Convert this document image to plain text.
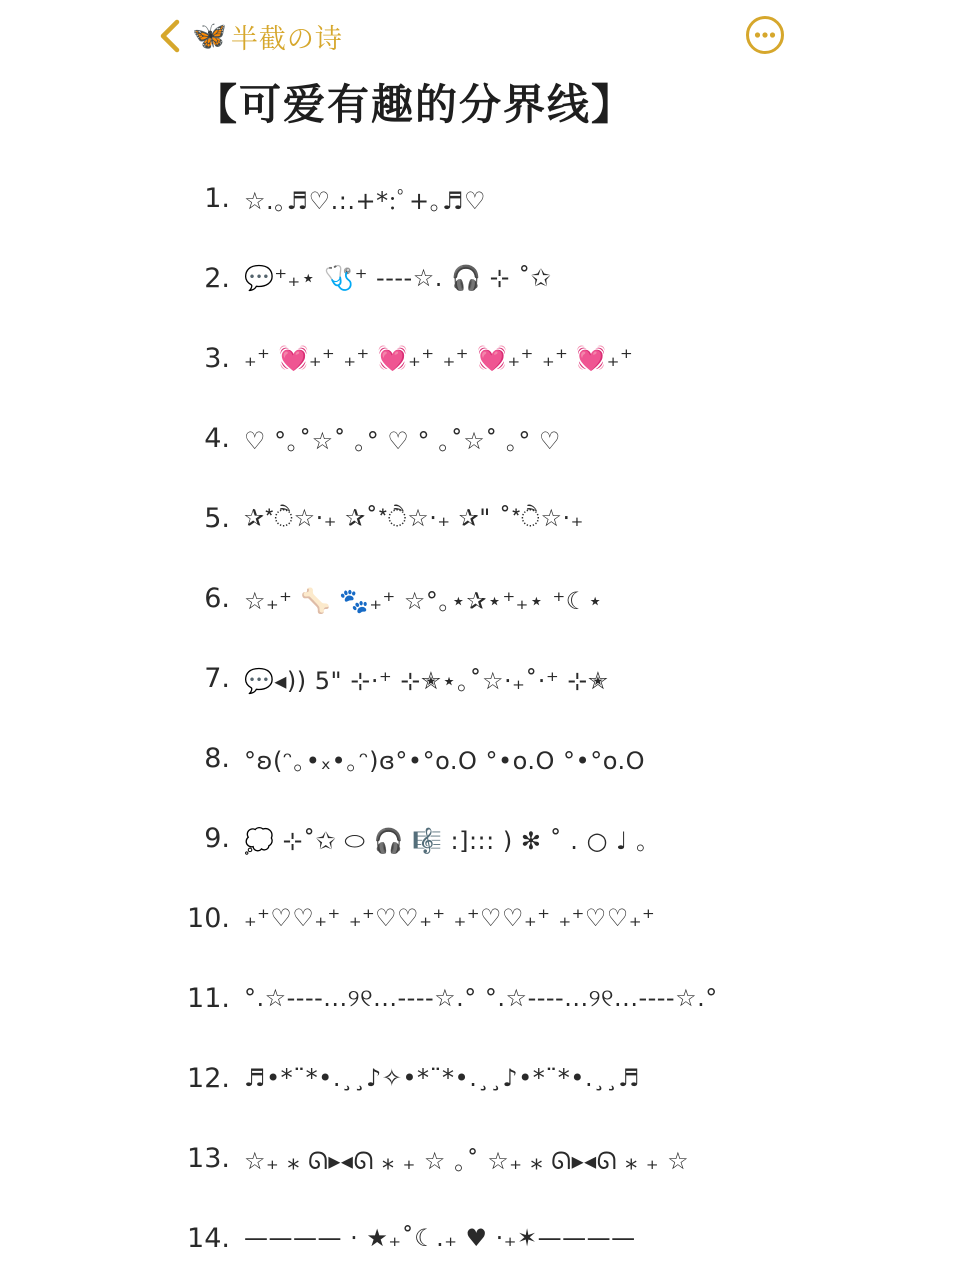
🦋 半截の诗
【可爱有趣的分界线】
1. ☆.｡♬♡.:.+*:ﾟ+｡♬♡
2. 💬⁺₊⋆ 🩺⁺ ----☆. 🎧 ⊹ ˚✩
3. ₊⁺ 💓₊⁺ ₊⁺ 💓₊⁺ ₊⁺ 💓₊⁺ ₊⁺ 💓₊⁺
4. ♡ °｡˚☆˚ ｡° ♡ ° ｡˚☆˚ ｡° ♡
5. ✰*ੈ☆⋅₊ ✰˚*ੈ☆⋅₊ ✰" ˚*ੈ☆⋅₊
6. ☆₊⁺ 🦴 🐾₊⁺ ☆°｡⋆✰⋆⁺₊⋆ ⁺☾⋆
7. 💬◂)) 5" ⊹⋅⁺ ⊹✭⋆｡˚☆⋅₊˚⋅⁺ ⊹✭
8. °ʚ(ᵔ｡•ₓ•｡ᵔ)ɞ°•°o.O °•o.O °•°o.O
9. 💭 ⊹˚✩ ⬭ 🎧 🎼 :]::: ) ✻ ˚ . ○ ♩ ｡
10. ₊⁺♡♡₊⁺ ₊⁺♡♡₊⁺ ₊⁺♡♡₊⁺ ₊⁺♡♡₊⁺
11. °.☆----...୨୧...----☆.° °.☆----...୨୧...----☆.°
12. ♬•*¨*•.¸¸♪✧•*¨*•.¸¸♪•*¨*•.¸¸♬
13. ☆₊ ⁎ ᘏ▸◂ᘏ ⁎ ₊ ☆ ｡˚ ☆₊ ⁎ ᘏ▸◂ᘏ ⁎ ₊ ☆
14. ———— ⋅ ★₊˚☾.₊ ♥ ⋅₊✶————
